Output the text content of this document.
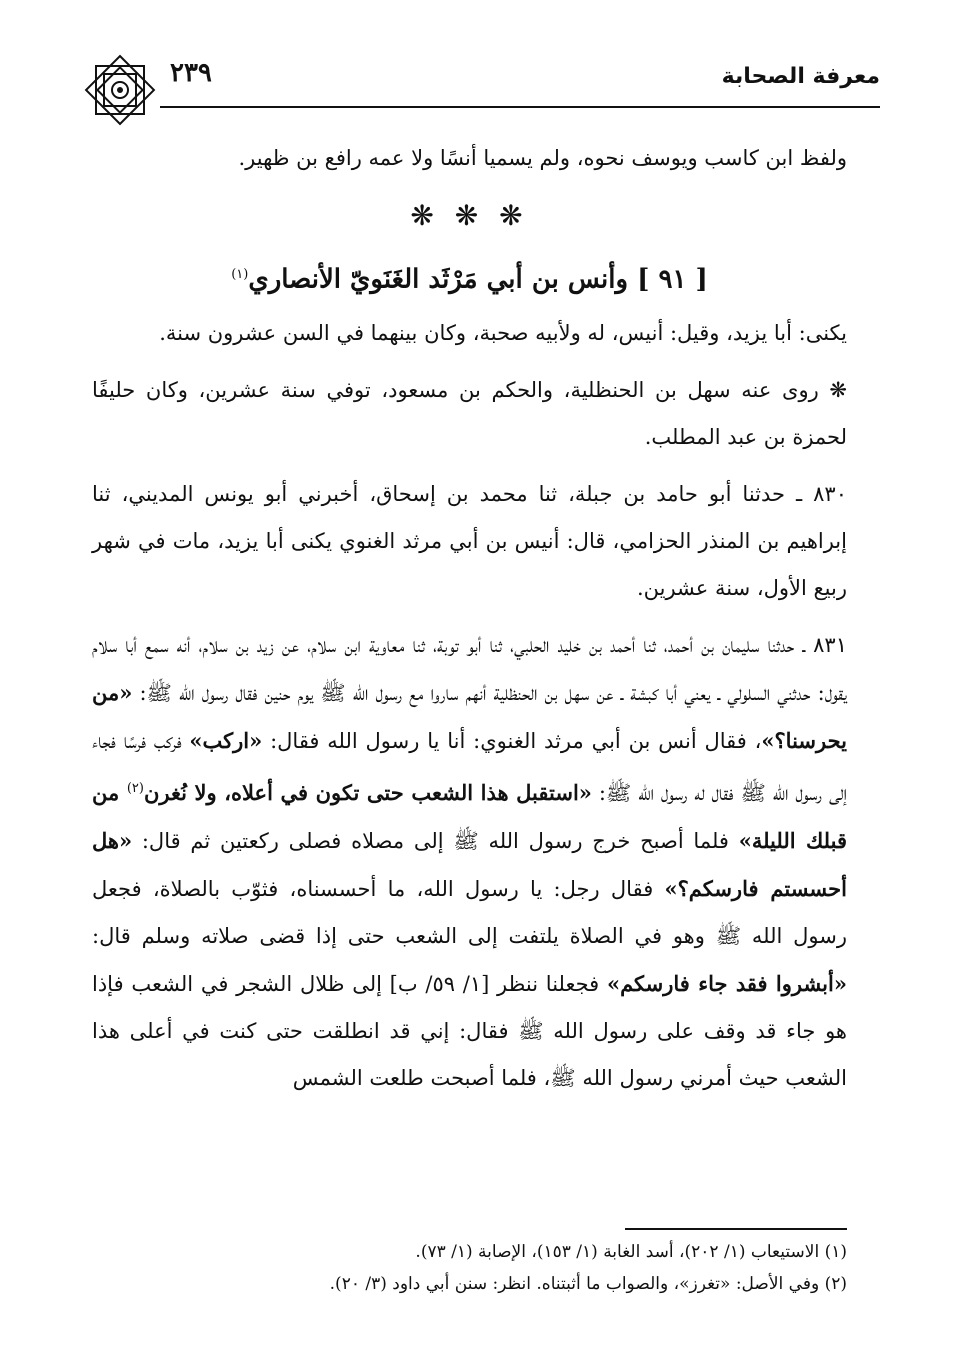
معرفة الصحابة
٢٣٩

ولفظ ابن كاسب ويوسف نحوه، ولم يسميا أنسًا ولا عمه رافع بن ظهير.

❋ ❋ ❋
[ ٩١ ] وأنس بن أبي مَرْثَد الغَنَويّ الأنصاري$^{(١)}$

يكنى: أبا يزيد، وقيل: أنيس، له ولأبيه صحبة، وكان بينهما في السن عشرون سنة.

❋ روى عنه سهل بن الحنظلية، والحكم بن مسعود، توفي سنة عشرين، وكان حليفًا لحمزة بن عبد المطلب.

٨٣٠ ـ حدثنا أبو حامد بن جبلة، ثنا محمد بن إسحاق، أخبرني أبو يونس المديني، ثنا إبراهيم بن المنذر الحزامي، قال: أنيس بن أبي مرثد الغنوي يكنى أبا يزيد، مات في شهر ربيع الأول، سنة عشرين.

٨٣١ ـ حدثنا سليمان بن أحمد، ثنا أحمد بن خليد الحلبي، ثنا أبو توبة، ثنا معاوية ابن سلام، عن زيد بن سلام، أنه سمع أبا سلام يقول: حدثني السلولي ـ يعني أبا كبشة ـ عن سهل بن الحنظلية أنهم ساروا مع رسول الله ﷺ يوم حنين فقال رسول الله ﷺ: «من يحرسنا؟»، فقال أنس بن أبي مرثد الغنوي: أنا يا رسول الله فقال: «اركب» فركب فرسًا فجاء إلى رسول الله ﷺ فقال له رسول الله ﷺ: «استقبل هذا الشعب حتى تكون في أعلاه، ولا نُغرن$^{(٢)}$ من قبلك الليلة» فلما أصبح خرج رسول الله ﷺ إلى مصلاه فصلى ركعتين ثم قال: «هل أحسستم فارسكم؟» فقال رجل: يا رسول الله، ما أحسسناه، فثوّب بالصلاة، فجعل رسول الله ﷺ وهو في الصلاة يلتفت إلى الشعب حتى إذا قضى صلاته وسلم قال: «أبشروا فقد جاء فارسكم» فجعلنا ننظر [١/ ٥٩/ ب] إلى ظلال الشجر في الشعب فإذا هو جاء قد وقف على رسول الله ﷺ فقال: إني قد انطلقت حتى كنت في أعلى هذا الشعب حيث أمرني رسول الله ﷺ، فلما أصبحت طلعت الشمس

(١) الاستيعاب (١/ ٢٠٢)، أسد الغابة (١/ ١٥٣)، الإصابة (١/ ٧٣).
(٢) وفي الأصل: «تغرز»، والصواب ما أثبتناه. انظر: سنن أبي داود (٣/ ٢٠).
